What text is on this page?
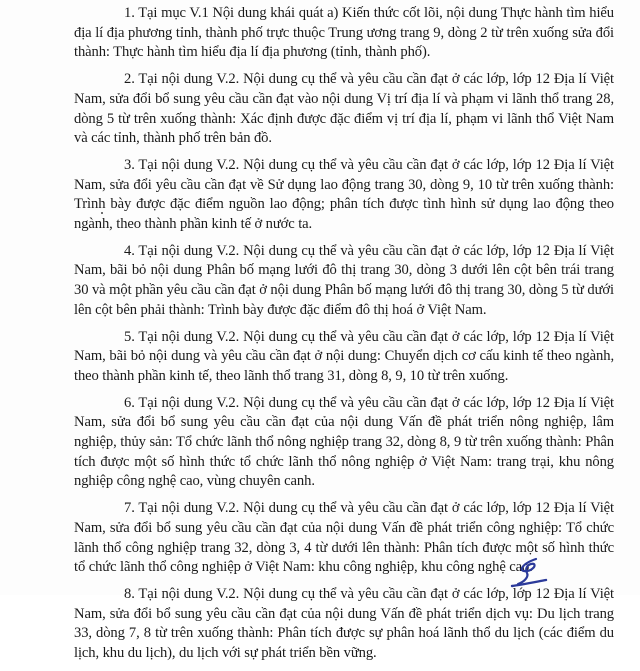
1. Tại mục V.1 Nội dung khái quát a) Kiến thức cốt lõi, nội dung Thực hành tìm hiểu địa lí địa phương tỉnh, thành phố trực thuộc Trung ương trang 9, dòng 2 từ trên xuống sửa đổi thành: Thực hành tìm hiểu địa lí địa phương (tỉnh, thành phố).

2. Tại nội dung V.2. Nội dung cụ thể và yêu cầu cần đạt ở các lớp, lớp 12 Địa lí Việt Nam, sửa đổi bổ sung yêu cầu cần đạt vào nội dung Vị trí địa lí và phạm vi lãnh thổ trang 28, dòng 5 từ trên xuống thành: Xác định được đặc điểm vị trí địa lí, phạm vi lãnh thổ Việt Nam và các tỉnh, thành phố trên bản đồ.

3. Tại nội dung V.2. Nội dung cụ thể và yêu cầu cần đạt ở các lớp, lớp 12 Địa lí Việt Nam, sửa đổi yêu cầu cần đạt về Sử dụng lao động trang 30, dòng 9, 10 từ trên xuống thành: Trình bày được đặc điểm nguồn lao động; phân tích được tình hình sử dụng lao động theo ngành, theo thành phần kinh tế ở nước ta.

4. Tại nội dung V.2. Nội dung cụ thể và yêu cầu cần đạt ở các lớp, lớp 12 Địa lí Việt Nam, bãi bỏ nội dung Phân bố mạng lưới đô thị trang 30, dòng 3 dưới lên cột bên trái trang 30 và một phần yêu cầu cần đạt ở nội dung Phân bố mạng lưới đô thị trang 30, dòng 5 từ dưới lên cột bên phải thành: Trình bày được đặc điểm đô thị hoá ở Việt Nam.

5. Tại nội dung V.2. Nội dung cụ thể và yêu cầu cần đạt ở các lớp, lớp 12 Địa lí Việt Nam, bãi bỏ nội dung và yêu cầu cần đạt ở nội dung: Chuyển dịch cơ cấu kinh tế theo ngành, theo thành phần kinh tế, theo lãnh thổ trang 31, dòng 8, 9, 10 từ trên xuống.

6. Tại nội dung V.2. Nội dung cụ thể và yêu cầu cần đạt ở các lớp, lớp 12 Địa lí Việt Nam, sửa đổi bổ sung yêu cầu cần đạt của nội dung Vấn đề phát triển nông nghiệp, lâm nghiệp, thủy sản: Tổ chức lãnh thổ nông nghiệp trang 32, dòng 8, 9 từ trên xuống thành: Phân tích được một số hình thức tổ chức lãnh thổ nông nghiệp ở Việt Nam: trang trại, khu nông nghiệp công nghệ cao, vùng chuyên canh.

7. Tại nội dung V.2. Nội dung cụ thể và yêu cầu cần đạt ở các lớp, lớp 12 Địa lí Việt Nam, sửa đổi bổ sung yêu cầu cần đạt của nội dung Vấn đề phát triển công nghiệp: Tổ chức lãnh thổ công nghiệp trang 32, dòng 3, 4 từ dưới lên thành: Phân tích được một số hình thức tổ chức lãnh thổ công nghiệp ở Việt Nam: khu công nghiệp, khu công nghệ cao.

8. Tại nội dung V.2. Nội dung cụ thể và yêu cầu cần đạt ở các lớp, lớp 12 Địa lí Việt Nam, sửa đổi bổ sung yêu cầu cần đạt của nội dung Vấn đề phát triển dịch vụ: Du lịch trang 33, dòng 7, 8 từ trên xuống thành: Phân tích được sự phân hoá lãnh thổ du lịch (các điểm du lịch, khu du lịch), du lịch với sự phát triển bền vững.
